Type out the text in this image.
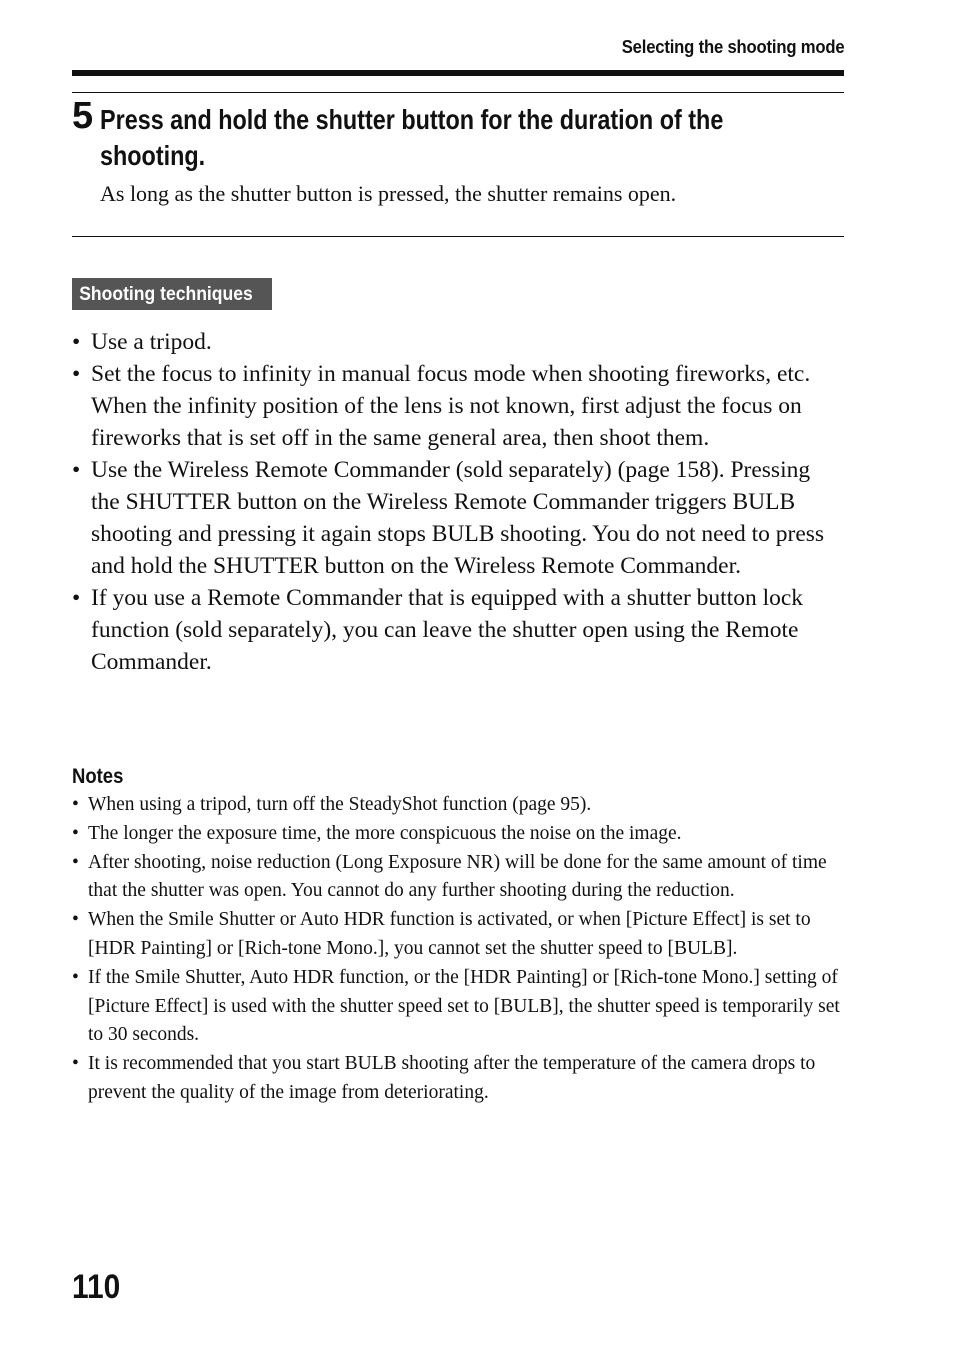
Selecting the shooting mode
5 Press and hold the shutter button for the duration of the shooting.
As long as the shutter button is pressed, the shutter remains open.
Shooting techniques
• Use a tripod.
• Set the focus to infinity in manual focus mode when shooting fireworks, etc. When the infinity position of the lens is not known, first adjust the focus on fireworks that is set off in the same general area, then shoot them.
• Use the Wireless Remote Commander (sold separately) (page 158). Pressing the SHUTTER button on the Wireless Remote Commander triggers BULB shooting and pressing it again stops BULB shooting. You do not need to press and hold the SHUTTER button on the Wireless Remote Commander.
• If you use a Remote Commander that is equipped with a shutter button lock function (sold separately), you can leave the shutter open using the Remote Commander.
Notes
• When using a tripod, turn off the SteadyShot function (page 95).
• The longer the exposure time, the more conspicuous the noise on the image.
• After shooting, noise reduction (Long Exposure NR) will be done for the same amount of time that the shutter was open. You cannot do any further shooting during the reduction.
• When the Smile Shutter or Auto HDR function is activated, or when [Picture Effect] is set to [HDR Painting] or [Rich-tone Mono.], you cannot set the shutter speed to [BULB].
• If the Smile Shutter, Auto HDR function, or the [HDR Painting] or [Rich-tone Mono.] setting of [Picture Effect] is used with the shutter speed set to [BULB], the shutter speed is temporarily set to 30 seconds.
• It is recommended that you start BULB shooting after the temperature of the camera drops to prevent the quality of the image from deteriorating.
110
